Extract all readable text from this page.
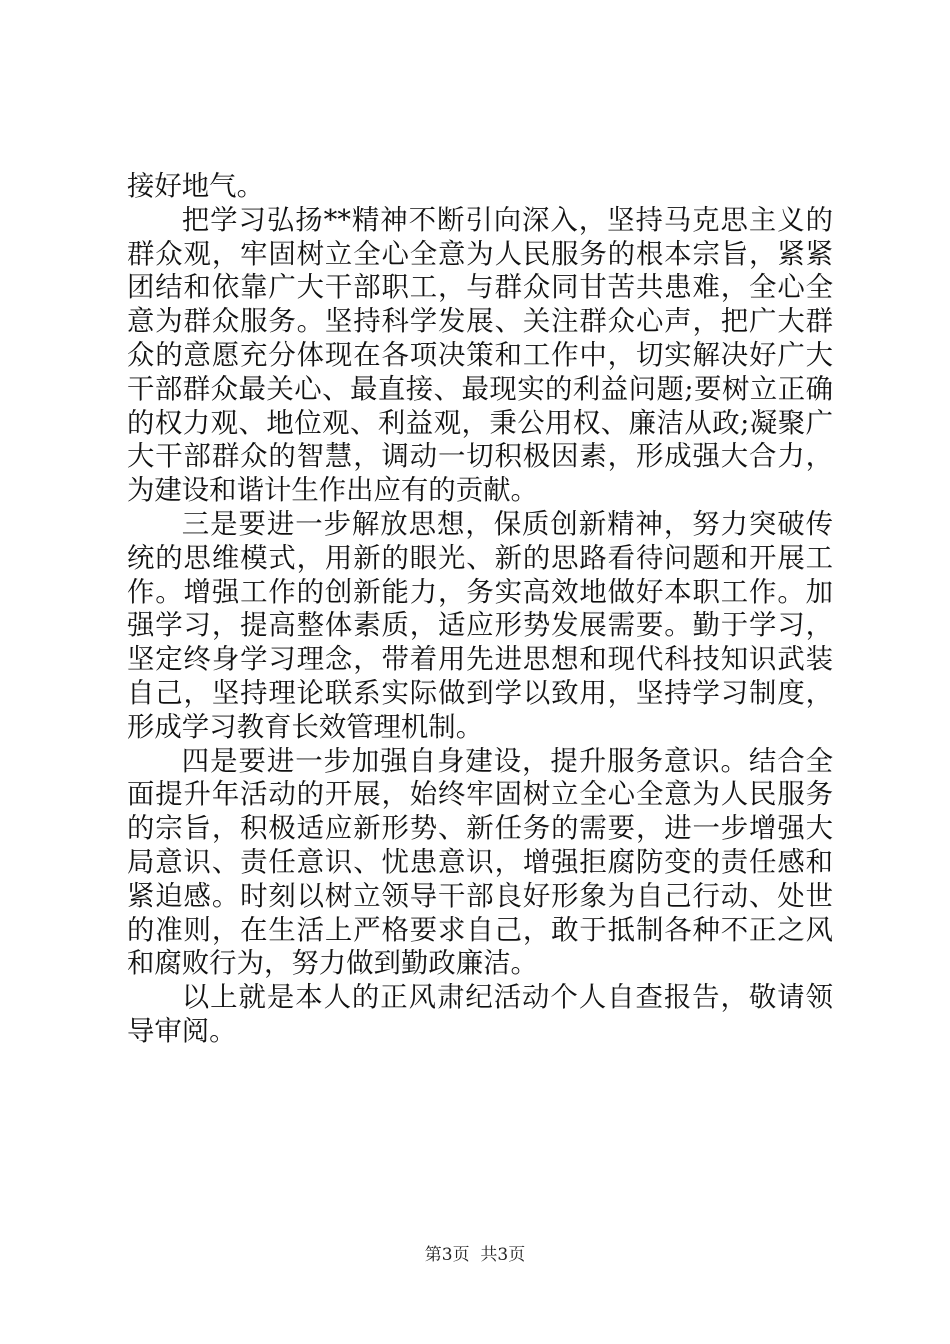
接好地气。

把学习弘扬**精神不断引向深入，坚持马克思主义的群众观，牢固树立全心全意为人民服务的根本宗旨，紧紧团结和依靠广大干部职工，与群众同甘苦共患难，全心全意为群众服务。坚持科学发展、关注群众心声，把广大群众的意愿充分体现在各项决策和工作中，切实解决好广大干部群众最关心、最直接、最现实的利益问题;要树立正确的权力观、地位观、利益观，秉公用权、廉洁从政;凝聚广大干部群众的智慧，调动一切积极因素，形成强大合力，为建设和谐计生作出应有的贡献。

三是要进一步解放思想，保质创新精神，努力突破传统的思维模式，用新的眼光、新的思路看待问题和开展工作。增强工作的创新能力，务实高效地做好本职工作。加强学习，提高整体素质，适应形势发展需要。勤于学习，坚定终身学习理念，带着用先进思想和现代科技知识武装自己，坚持理论联系实际做到学以致用，坚持学习制度，形成学习教育长效管理机制。

四是要进一步加强自身建设，提升服务意识。结合全面提升年活动的开展，始终牢固树立全心全意为人民服务的宗旨，积极适应新形势、新任务的需要，进一步增强大局意识、责任意识、忧患意识，增强拒腐防变的责任感和紧迫感。时刻以树立领导干部良好形象为自己行动、处世的准则，在生活上严格要求自己，敢于抵制各种不正之风和腐败行为，努力做到勤政廉洁。

以上就是本人的正风肃纪活动个人自查报告，敬请领导审阅。

第3页  共3页
